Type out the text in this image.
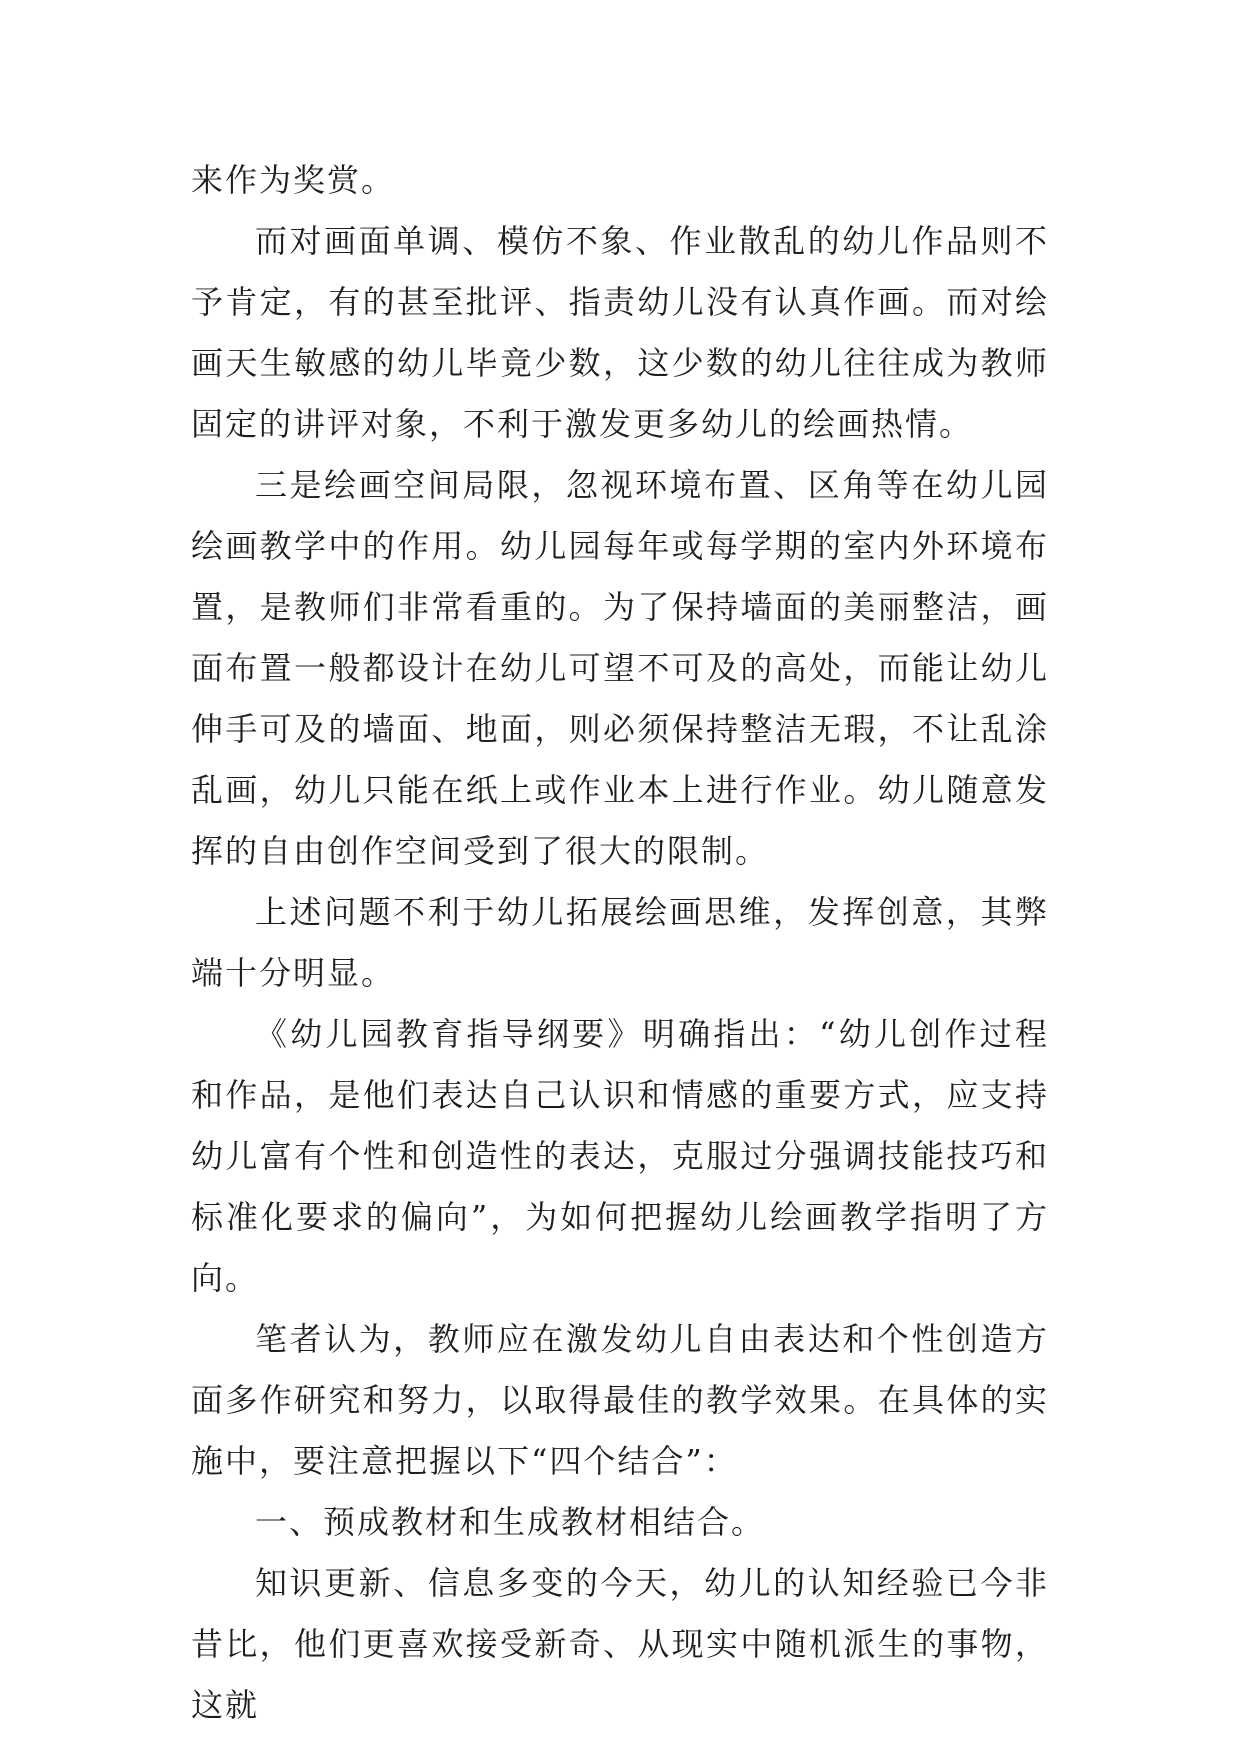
来作为奖赏。

而对画面单调、模仿不象、作业散乱的幼儿作品则不予肯定，有的甚至批评、指责幼儿没有认真作画。而对绘画天生敏感的幼儿毕竟少数，这少数的幼儿往往成为教师固定的讲评对象，不利于激发更多幼儿的绘画热情。

三是绘画空间局限，忽视环境布置、区角等在幼儿园绘画教学中的作用。幼儿园每年或每学期的室内外环境布置，是教师们非常看重的。为了保持墙面的美丽整洁，画面布置一般都设计在幼儿可望不可及的高处，而能让幼儿伸手可及的墙面、地面，则必须保持整洁无瑕，不让乱涂乱画，幼儿只能在纸上或作业本上进行作业。幼儿随意发挥的自由创作空间受到了很大的限制。

上述问题不利于幼儿拓展绘画思维，发挥创意，其弊端十分明显。

《幼儿园教育指导纲要》明确指出：“幼儿创作过程和作品，是他们表达自己认识和情感的重要方式，应支持幼儿富有个性和创造性的表达，克服过分强调技能技巧和标准化要求的偏向”，为如何把握幼儿绘画教学指明了方向。

笔者认为，教师应在激发幼儿自由表达和个性创造方面多作研究和努力，以取得最佳的教学效果。在具体的实施中，要注意把握以下“四个结合”：

一、预成教材和生成教材相结合。

知识更新、信息多变的今天，幼儿的认知经验已今非昔比，他们更喜欢接受新奇、从现实中随机派生的事物，这就
